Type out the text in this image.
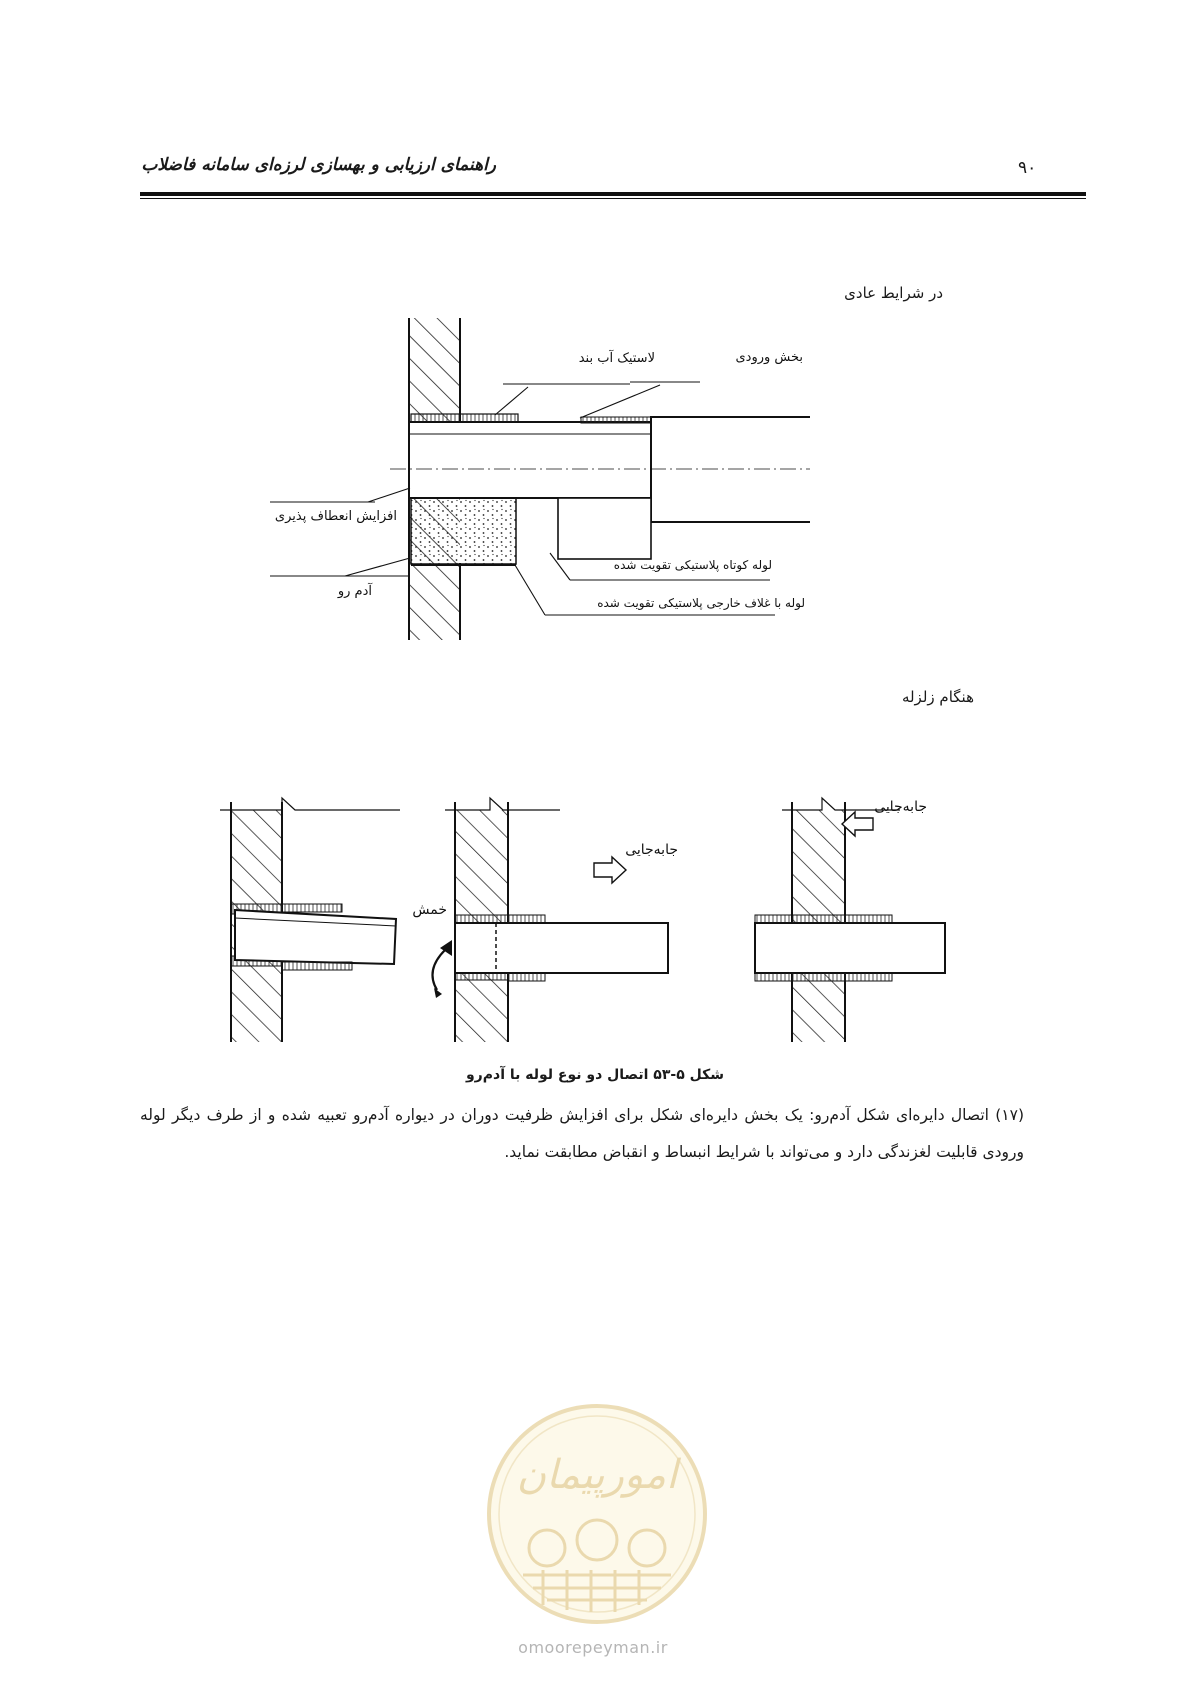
۹۰
راهنمای ارزیابی و بهسازی لرزه‌ای سامانه فاضلاب
در شرایط عادی
لاستیک آب بند	بخش ورودی
افزایش انعطاف پذیری
آدم رو
لوله کوتاه پلاستیکی تقویت شده
لوله با غلاف خارجی پلاستیکی تقویت شده
هنگام زلزله
خمش
جابه‌جایی
جابه‌جایی
شکل ۵-۵۳ اتصال دو نوع لوله با آدم‌رو
(۱۷) اتصال دایره‌ای شکل آدم‌رو: یک بخش دایره‌ای شکل برای افزایش ظرفیت دوران در دیواره آدم‌رو تعبیه شده و از طرف دیگر لوله ورودی قابلیت لغزندگی دارد و می‌تواند با شرایط انبساط و انقباض مطابقت نماید.
امورپیمان
omoorepeyman.ir
